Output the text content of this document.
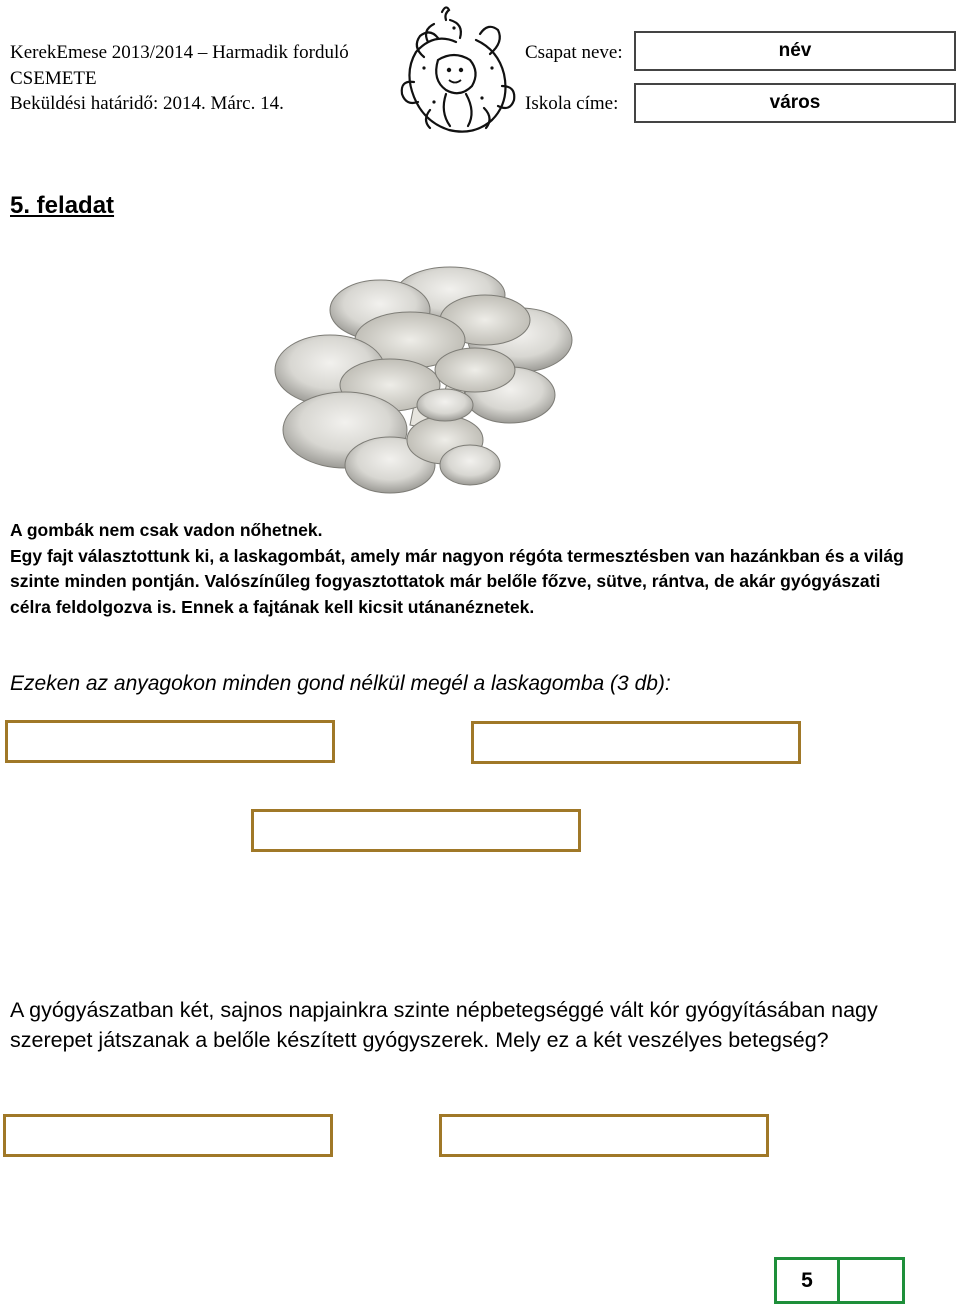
KerekEmese 2013/2014 – Harmadik forduló
CSEMETE
Beküldési határidő: 2014. Márc. 14.
Csapat neve:
Iskola címe:
név
város
5. feladat

A gombák nem csak vadon nőhetnek.

Egy fajt választottunk ki, a laskagombát, amely már nagyon régóta termesztésben van hazánkban és a világ szinte minden pontján. Valószínűleg fogyasztottatok már belőle főzve, sütve, rántva, de akár gyógyászati célra feldolgozva is. Ennek a fajtának kell kicsit utánanéznetek.

Ezeken az anyagokon minden gond nélkül megél a laskagomba (3 db):
A gyógyászatban két, sajnos napjainkra szinte népbetegséggé vált kór gyógyításában nagy szerepet játszanak a belőle készített gyógyszerek. Mely ez a két veszélyes betegség?
5
